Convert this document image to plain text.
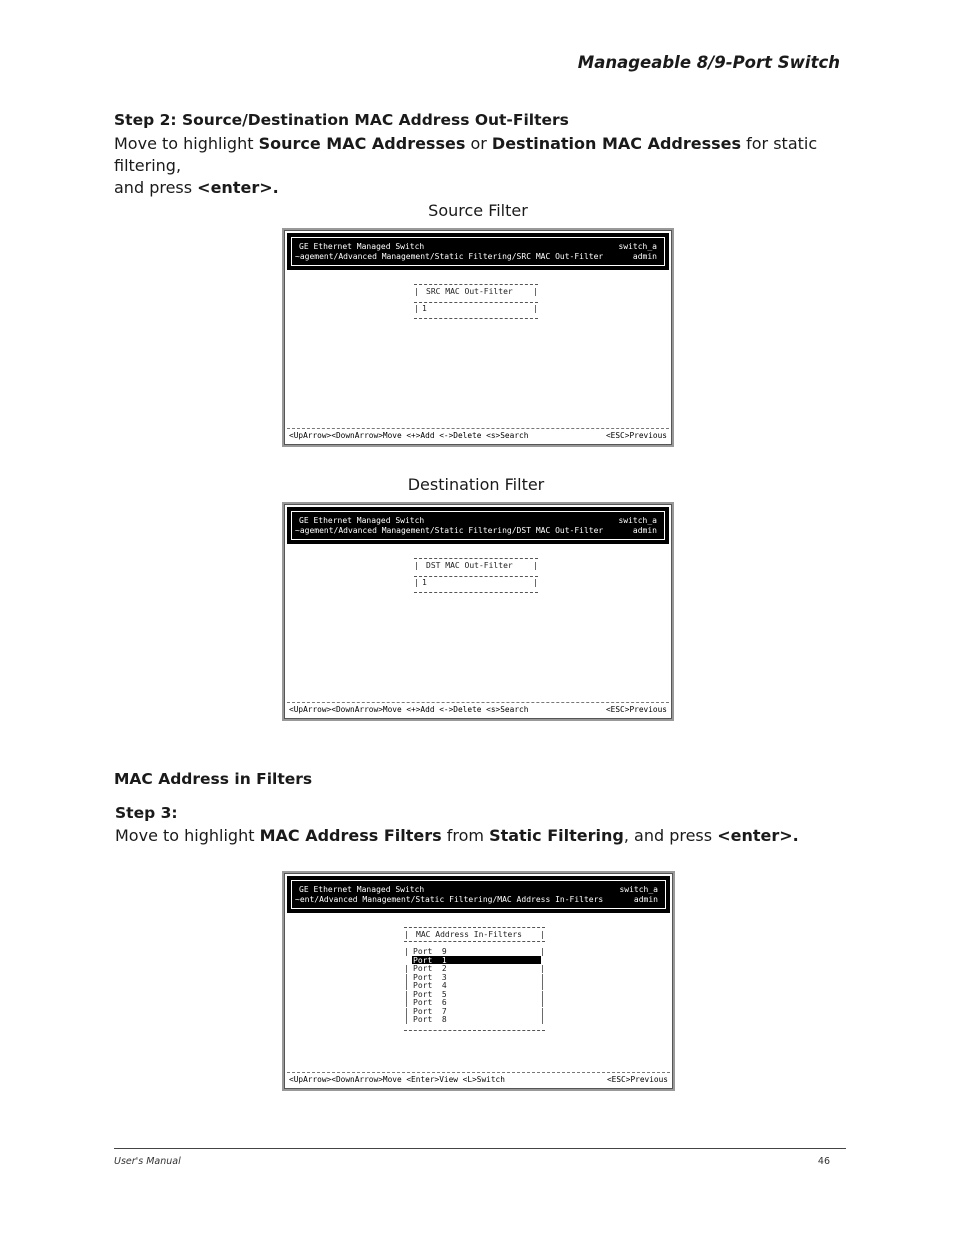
Manageable 8/9-Port Switch
Step 2: Source/Destination MAC Address Out-Filters
Move to highlight Source MAC Addresses or Destination MAC Addresses for static filtering,
and press <enter>.
Source Filter
GE Ethernet Managed Switch
~agement/Advanced Management/Static Filtering/SRC MAC Out-Filter
switch_a
admin
| SRC MAC Out-Filter	|
| 1	|
<UpArrow><DownArrow>Move <+>Add <->Delete <s>Search	<ESC>Previous
Destination Filter
GE Ethernet Managed Switch
~agement/Advanced Management/Static Filtering/DST MAC Out-Filter
switch_a
admin
| DST MAC Out-Filter	|
| 1	|
<UpArrow><DownArrow>Move <+>Add <->Delete <s>Search	<ESC>Previous
MAC Address in Filters
Step 3:
Move to highlight MAC Address Filters from Static Filtering, and press <enter>.
GE Ethernet Managed Switch
~ent/Advanced Management/Static Filtering/MAC Address In-Filters
switch_a
admin
| MAC Address In-Filters |
| Port  9	|
Port  1
| Port  2	|
| Port  3	|
| Port  4	|
| Port  5	|
| Port  6	|
| Port  7	|
| Port  8	|
<UpArrow><DownArrow>Move <Enter>View <L>Switch	<ESC>Previous
User's Manual	46
